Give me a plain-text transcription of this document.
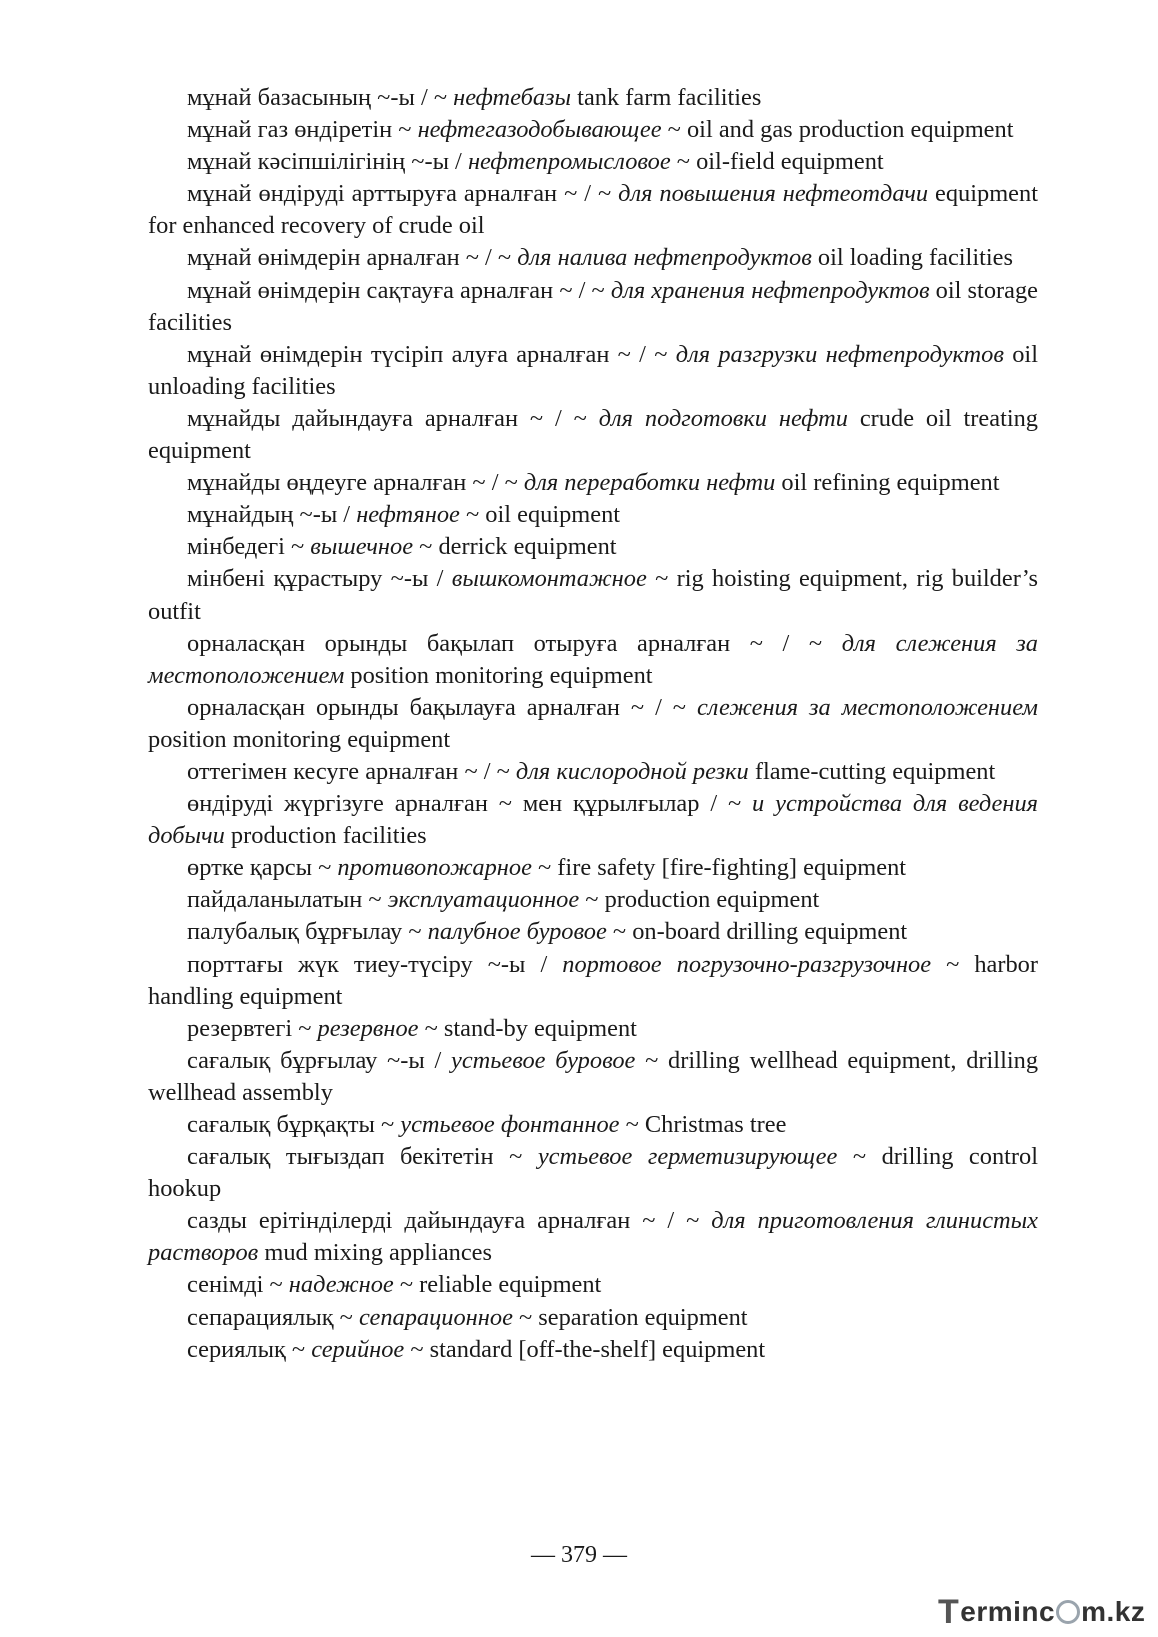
мұнай базасының ~-ы / ~ нефтебазы tank farm facilities

мұнай газ өндіретін ~ нефтегазодобывающее ~ oil and gas production equipment

мұнай кәсіпшілігінің ~-ы / нефтепромысловое ~ oil-field equipment

мұнай өндіруді арттыруға арналған ~ / ~ для повышения нефтеотдачи equipment for enhanced recovery of crude oil

мұнай өнімдерін арналған ~ / ~ для налива нефтепродуктов oil loading facilities

мұнай өнімдерін сақтауға арналған ~ / ~ для хранения нефтепродуктов oil storage facilities

мұнай өнімдерін түсіріп алуға арналған ~ / ~ для разгрузки нефтепродуктов oil unloading facilities

мұнайды дайындауға арналған ~ / ~ для подготовки нефти crude oil treating equipment

мұнайды өңдеуге арналған ~ / ~ для переработки нефти oil refining equipment

мұнайдың ~-ы / нефтяное ~ oil equipment

мінбедегі ~ вышечное ~ derrick equipment

мінбені құрастыру ~-ы / вышкомонтажное ~ rig hoisting equipment, rig builder’s outfit

орналасқан орынды бақылап отыруға арналған ~ / ~ для слежения за местоположением position monitoring equipment

орналасқан орынды бақылауға арналған ~ / ~ слежения за местоположением position monitoring equipment

оттегімен кесуге арналған ~ / ~ для кислородной резки flame-cutting equipment

өндіруді жүргізуге арналған ~ мен құрылғылар / ~ и устройства для ведения добычи production facilities

өртке қарсы ~ противопожарное ~ fire safety [fire-fighting] equipment

пайдаланылатын ~ эксплуатационное ~ production equipment

палубалық бұрғылау ~ палубное буровое ~ on-board drilling equipment

порттағы жүк тиеу-түсіру ~-ы / портовое погрузочно-разгрузочное ~ harbor handling equipment

резервтегі ~ резервное ~ stand-by equipment

сағалық бұрғылау ~-ы / устьевое буровое ~ drilling wellhead equipment, drilling wellhead assembly

сағалық бұрқақты ~ устьевое фонтанное ~ Christmas tree

сағалық тығыздап бекітетін ~ устьевое герметизирующее ~ drilling control hookup

сазды ерітінділерді дайындауға арналған ~ / ~ для приготовления глинистых растворов mud mixing appliances

сенімді ~ надежное ~ reliable equipment

сепарациялық ~ сепарационное ~ separation equipment

сериялық ~ серийное ~ standard [off-the-shelf] equipment

— 379 —
T erminc m.kz
